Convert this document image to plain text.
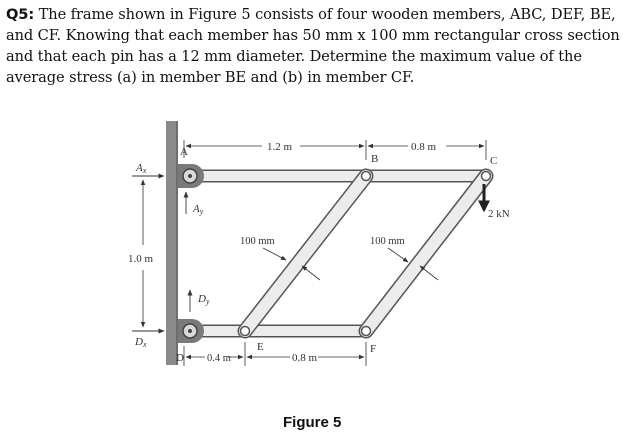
Q5: The frame shown in Figure 5 consists of four wooden members, ABC, DEF, BE, and CF. Knowing that each member has 50 mm x 100 mm rectangular cross section and that each pin has a 12 mm diameter. Determine the maximum value of the average stress (a) in member BE and (b) in member CF.
1.2 m	0.8 m
A
B	C
D
E	F
Ax
Ay
Dy
Dx
1.0 m
0.4 m	0.8 m
100 mm	100 mm
2 kN
Figure 5
